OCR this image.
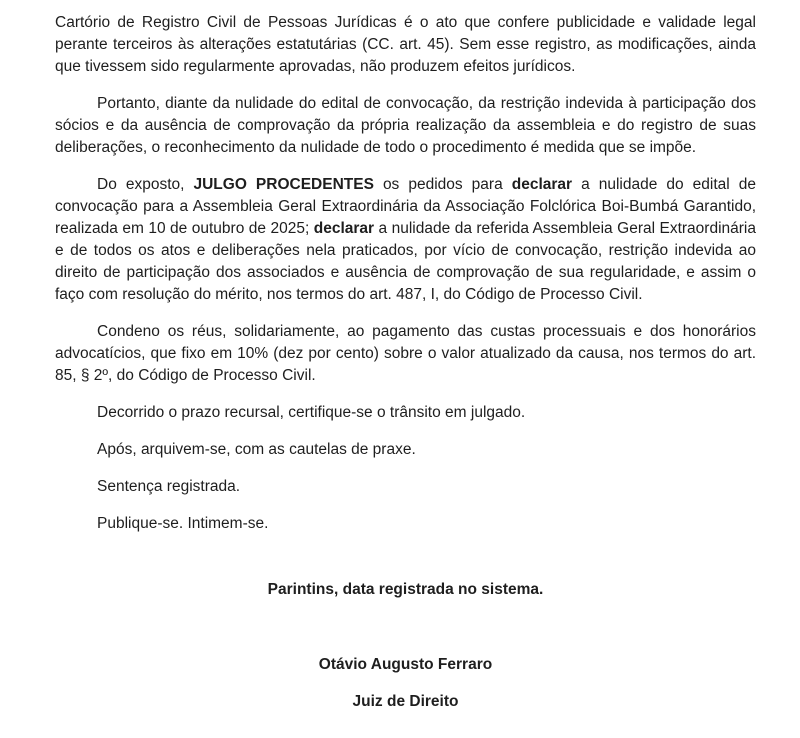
Cartório de Registro Civil de Pessoas Jurídicas é o ato que confere publicidade e validade legal perante terceiros às alterações estatutárias (CC. art. 45). Sem esse registro, as modificações, ainda que tivessem sido regularmente aprovadas, não produzem efeitos jurídicos.

Portanto, diante da nulidade do edital de convocação, da restrição indevida à participação dos sócios e da ausência de comprovação da própria realização da assembleia e do registro de suas deliberações, o reconhecimento da nulidade de todo o procedimento é medida que se impõe.

Do exposto, JULGO PROCEDENTES os pedidos para declarar a nulidade do edital de convocação para a Assembleia Geral Extraordinária da Associação Folclórica Boi-Bumbá Garantido, realizada em 10 de outubro de 2025; declarar a nulidade da referida Assembleia Geral Extraordinária e de todos os atos e deliberações nela praticados, por vício de convocação, restrição indevida ao direito de participação dos associados e ausência de comprovação de sua regularidade, e assim o faço com resolução do mérito, nos termos do art. 487, I, do Código de Processo Civil.

Condeno os réus, solidariamente, ao pagamento das custas processuais e dos honorários advocatícios, que fixo em 10% (dez por cento) sobre o valor atualizado da causa, nos termos do art. 85, § 2º, do Código de Processo Civil.

Decorrido o prazo recursal, certifique-se o trânsito em julgado.

Após, arquivem-se, com as cautelas de praxe.

Sentença registrada.

Publique-se. Intimem-se.

Parintins, data registrada no sistema.

Otávio Augusto Ferraro

Juiz de Direito
